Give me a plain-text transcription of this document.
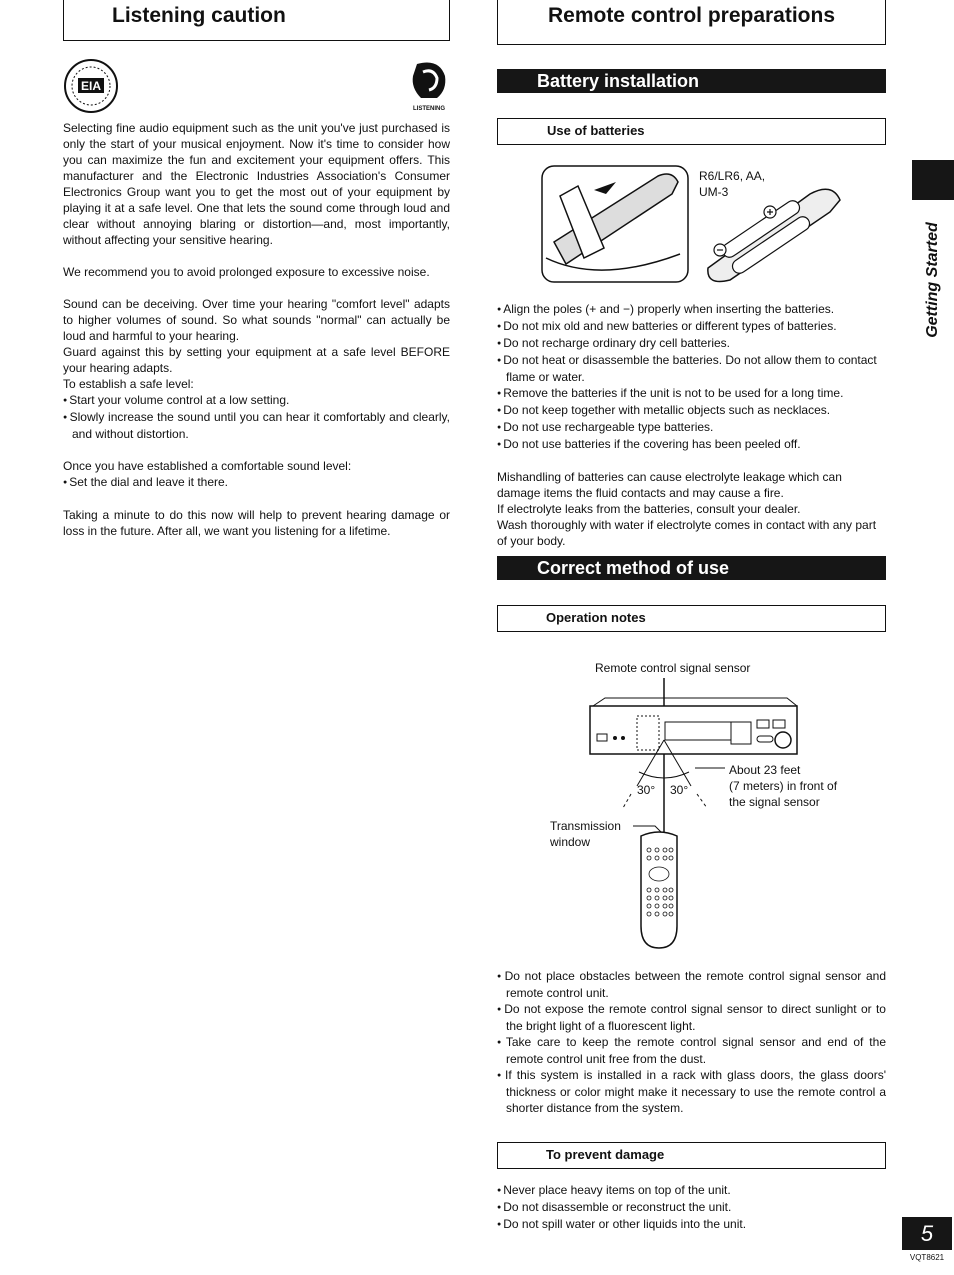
Listening caution
EIA
LISTENING

Selecting fine audio equipment such as the unit you've just purchased is only the start of your musical enjoyment. Now it's time to consider how you can maximize the fun and excitement your equipment offers. This manufacturer and the Electronic Industries Association's Consumer Electronics Group want you to get the most out of your equipment by playing it at a safe level. One that lets the sound come through loud and clear without annoying blaring or distortion—and, most importantly, without affecting your sensitive hearing.

We recommend you to avoid prolonged exposure to excessive noise.

Sound can be deceiving. Over time your hearing "comfort level" adapts to higher volumes of sound. So what sounds "normal" can actually be loud and harmful to your hearing.

Guard against this by setting your equipment at a safe level BEFORE your hearing adapts.

To establish a safe level:

● Start your volume control at a low setting.

● Slowly increase the sound until you can hear it comfortably and clearly, and without distortion.

Once you have established a comfortable sound level:

● Set the dial and leave it there.

Taking a minute to do this now will help to prevent hearing damage or loss in the future. After all, we want you listening for a lifetime.

Remote control preparations
Battery installation
Use of batteries
R6/LR6, AA,
UM-3

● Align the poles (+ and −) properly when inserting the batteries.

● Do not mix old and new batteries or different types of batteries.

● Do not recharge ordinary dry cell batteries.

● Do not heat or disassemble the batteries. Do not allow them to contact flame or water.

● Remove the batteries if the unit is not to be used for a long time.

● Do not keep together with metallic objects such as necklaces.

● Do not use rechargeable type batteries.

● Do not use batteries if the covering has been peeled off.

Mishandling of batteries can cause electrolyte leakage which can damage items the fluid contacts and may cause a fire.

If electrolyte leaks from the batteries, consult your dealer.

Wash thoroughly with water if electrolyte comes in contact with any part of your body.

Correct method of use
Operation notes
Remote control signal sensor
30° 30°
About 23 feet
(7 meters) in front of
the signal sensor
Transmission
window

● Do not place obstacles between the remote control signal sensor and remote control unit.

● Do not expose the remote control signal sensor to direct sunlight or to the bright light of a fluorescent light.

● Take care to keep the remote control signal sensor and end of the remote control unit free from the dust.

● If this system is installed in a rack with glass doors, the glass doors' thickness or color might make it necessary to use the remote control a shorter distance from the system.

To prevent damage

● Never place heavy items on top of the unit.

● Do not disassemble or reconstruct the unit.

● Do not spill water or other liquids into the unit.

Getting Started
5
VQT8621
